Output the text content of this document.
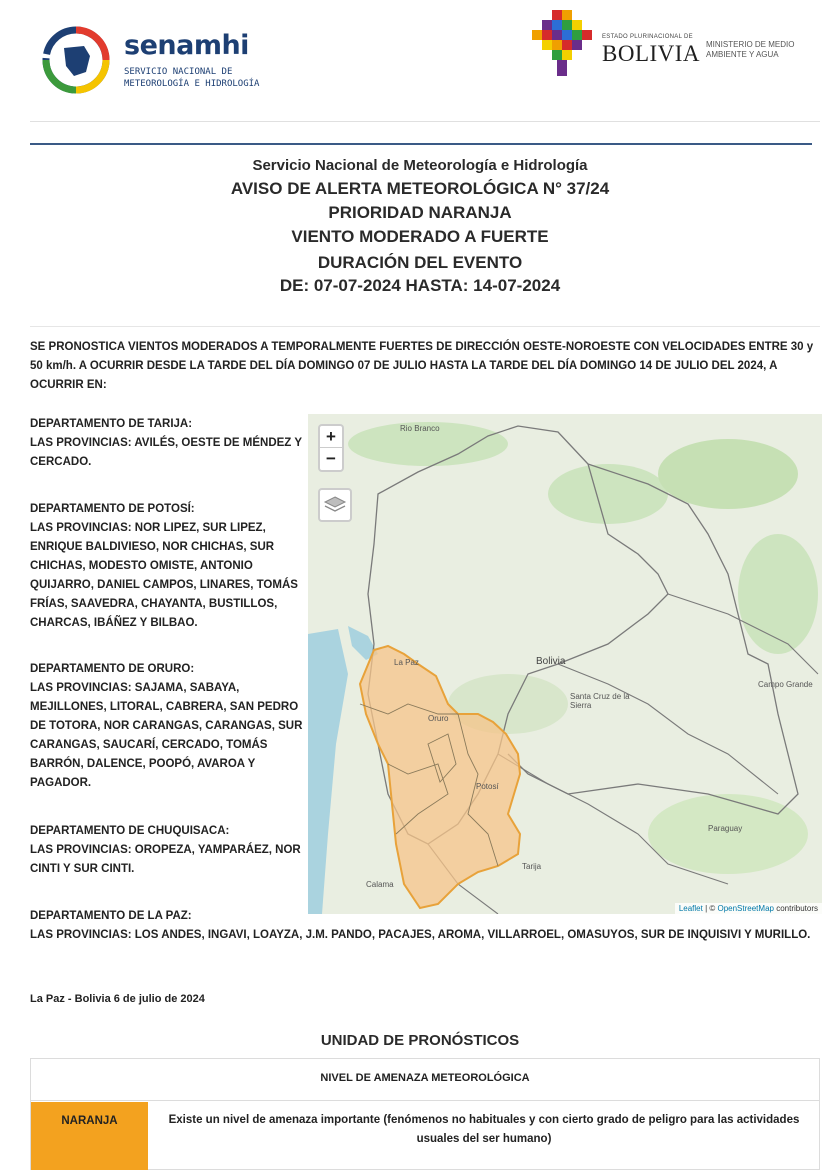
senamhi
SERVICIO NACIONAL DE METEOROLOGÍA E HIDROLOGÍA
ESTADO PLURINACIONAL DE
BOLIVIA MINISTERIO DE MEDIO AMBIENTE Y AGUA
Servicio Nacional de Meteorología e Hidrología
AVISO DE ALERTA METEOROLÓGICA N° 37/24
PRIORIDAD NARANJA
VIENTO MODERADO A FUERTE
DURACIÓN DEL EVENTO
DE: 07-07-2024 HASTA: 14-07-2024
SE PRONOSTICA VIENTOS MODERADOS A TEMPORALMENTE FUERTES DE DIRECCIÓN OESTE-NOROESTE CON VELOCIDADES ENTRE 30 y 50 km/h. A OCURRIR DESDE LA TARDE DEL DÍA DOMINGO 07 DE JULIO HASTA LA TARDE DEL DÍA DOMINGO 14 DE JULIO DEL 2024, A OCURRIR EN:
DEPARTAMENTO DE TARIJA:
LAS PROVINCIAS: AVILÉS, OESTE DE MÉNDEZ Y CERCADO.
DEPARTAMENTO DE POTOSÍ:
LAS PROVINCIAS: NOR LIPEZ, SUR LIPEZ, ENRIQUE BALDIVIESO, NOR CHICHAS, SUR CHICHAS, MODESTO OMISTE, ANTONIO QUIJARRO, DANIEL CAMPOS, LINARES, TOMÁS FRÍAS, SAAVEDRA, CHAYANTA, BUSTILLOS, CHARCAS, IBÁÑEZ Y BILBAO.
DEPARTAMENTO DE ORURO:
LAS PROVINCIAS: SAJAMA, SABAYA, MEJILLONES, LITORAL, CABRERA, SAN PEDRO DE TOTORA, NOR CARANGAS, CARANGAS, SUR CARANGAS, SAUCARÍ, CERCADO, TOMÁS BARRÓN, DALENCE, POOPÓ, AVAROA Y PAGADOR.
DEPARTAMENTO DE CHUQUISACA:
LAS PROVINCIAS: OROPEZA, YAMPARÁEZ, NOR CINTI Y SUR CINTI.
DEPARTAMENTO DE LA PAZ:
LAS PROVINCIAS: LOS ANDES, INGAVI, LOAYZA, J.M. PANDO, PACAJES, AROMA, VILLARROEL, OMASUYOS, SUR DE INQUISIVI Y MURILLO.
Rio Branco
La Paz	Bolivia
Santa Cruz de la Sierra
Oruro
Potosí
Tarija
Calama
Paraguay
Campo Grande
+
−
Leaflet | © OpenStreetMap contributors
La Paz - Bolivia 6 de julio de 2024
UNIDAD DE PRONÓSTICOS
NIVEL DE AMENAZA METEOROLÓGICA
NARANJA	Existe un nivel de amenaza importante (fenómenos no habituales y con cierto grado de peligro para las actividades usuales del ser humano)
